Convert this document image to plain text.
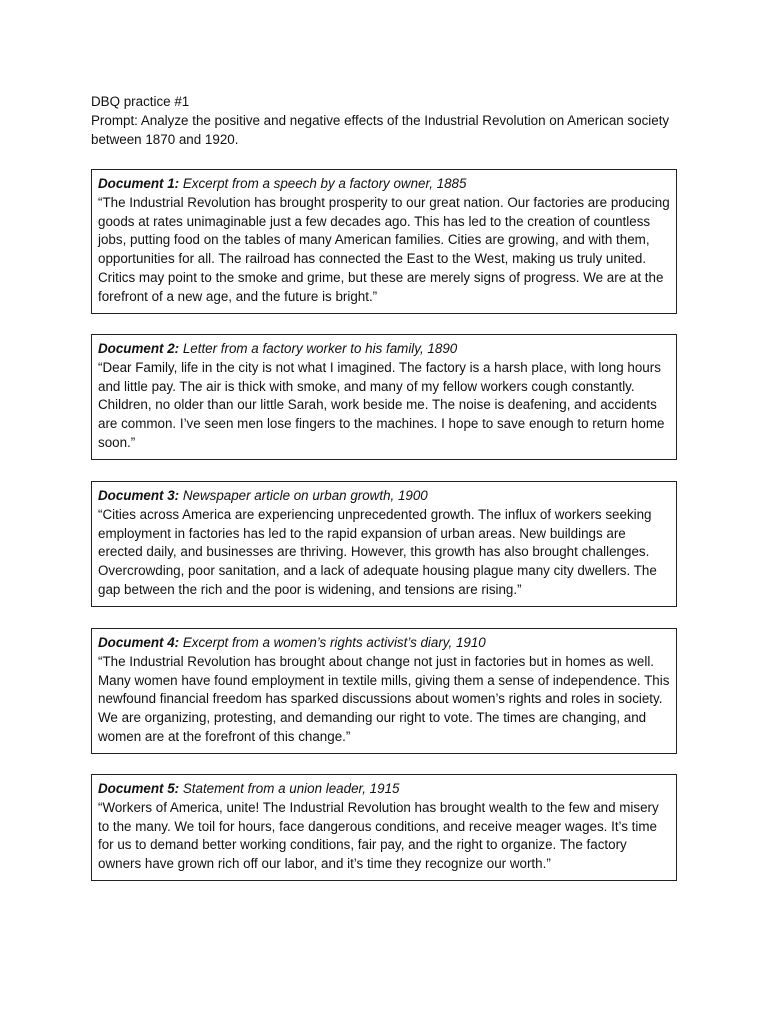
DBQ practice #1
Prompt: Analyze the positive and negative effects of the Industrial Revolution on American society between 1870 and 1920.
Document 1: Excerpt from a speech by a factory owner, 1885
“The Industrial Revolution has brought prosperity to our great nation. Our factories are producing goods at rates unimaginable just a few decades ago. This has led to the creation of countless jobs, putting food on the tables of many American families. Cities are growing, and with them, opportunities for all. The railroad has connected the East to the West, making us truly united. Critics may point to the smoke and grime, but these are merely signs of progress. We are at the forefront of a new age, and the future is bright.”
Document 2: Letter from a factory worker to his family, 1890
“Dear Family, life in the city is not what I imagined. The factory is a harsh place, with long hours and little pay. The air is thick with smoke, and many of my fellow workers cough constantly. Children, no older than our little Sarah, work beside me. The noise is deafening, and accidents are common. I’ve seen men lose fingers to the machines. I hope to save enough to return home soon.”
Document 3: Newspaper article on urban growth, 1900
“Cities across America are experiencing unprecedented growth. The influx of workers seeking employment in factories has led to the rapid expansion of urban areas. New buildings are erected daily, and businesses are thriving. However, this growth has also brought challenges. Overcrowding, poor sanitation, and a lack of adequate housing plague many city dwellers. The gap between the rich and the poor is widening, and tensions are rising.”
Document 4: Excerpt from a women’s rights activist’s diary, 1910
“The Industrial Revolution has brought about change not just in factories but in homes as well. Many women have found employment in textile mills, giving them a sense of independence. This newfound financial freedom has sparked discussions about women’s rights and roles in society. We are organizing, protesting, and demanding our right to vote. The times are changing, and women are at the forefront of this change.”
Document 5: Statement from a union leader, 1915
“Workers of America, unite! The Industrial Revolution has brought wealth to the few and misery to the many. We toil for hours, face dangerous conditions, and receive meager wages. It’s time for us to demand better working conditions, fair pay, and the right to organize. The factory owners have grown rich off our labor, and it’s time they recognize our worth.”
